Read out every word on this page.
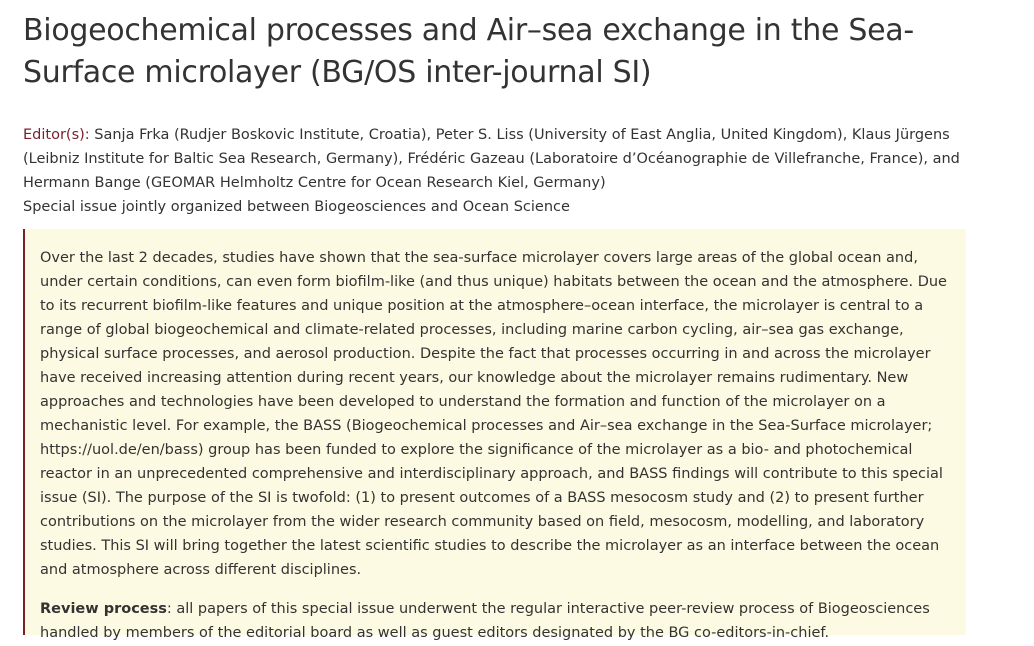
Biogeochemical processes and Air–sea exchange in the Sea-Surface microlayer (BG/OS inter-journal SI)
Editor(s): Sanja Frka (Rudjer Boskovic Institute, Croatia), Peter S. Liss (University of East Anglia, United Kingdom), Klaus Jürgens (Leibniz Institute for Baltic Sea Research, Germany), Frédéric Gazeau (Laboratoire d’Océanographie de Villefranche, France), and Hermann Bange (GEOMAR Helmholtz Centre for Ocean Research Kiel, Germany)
Special issue jointly organized between Biogeosciences and Ocean Science

Over the last 2 decades, studies have shown that the sea-surface microlayer covers large areas of the global ocean and, under certain conditions, can even form biofilm-like (and thus unique) habitats between the ocean and the atmosphere. Due to its recurrent biofilm-like features and unique position at the atmosphere–ocean interface, the microlayer is central to a range of global biogeochemical and climate-related processes, including marine carbon cycling, air–sea gas exchange, physical surface processes, and aerosol production. Despite the fact that processes occurring in and across the microlayer have received increasing attention during recent years, our knowledge about the microlayer remains rudimentary. New approaches and technologies have been developed to understand the formation and function of the microlayer on a mechanistic level. For example, the BASS (Biogeochemical processes and Air–sea exchange in the Sea-Surface microlayer; https://uol.de/en/bass) group has been funded to explore the significance of the microlayer as a bio- and photochemical reactor in an unprecedented comprehensive and interdisciplinary approach, and BASS findings will contribute to this special issue (SI). The purpose of the SI is twofold: (1) to present outcomes of a BASS mesocosm study and (2) to present further contributions on the microlayer from the wider research community based on field, mesocosm, modelling, and laboratory studies. This SI will bring together the latest scientific studies to describe the microlayer as an interface between the ocean and atmosphere across different disciplines.

Review process: all papers of this special issue underwent the regular interactive peer-review process of Biogeosciences handled by members of the editorial board as well as guest editors designated by the BG co-editors-in-chief.
